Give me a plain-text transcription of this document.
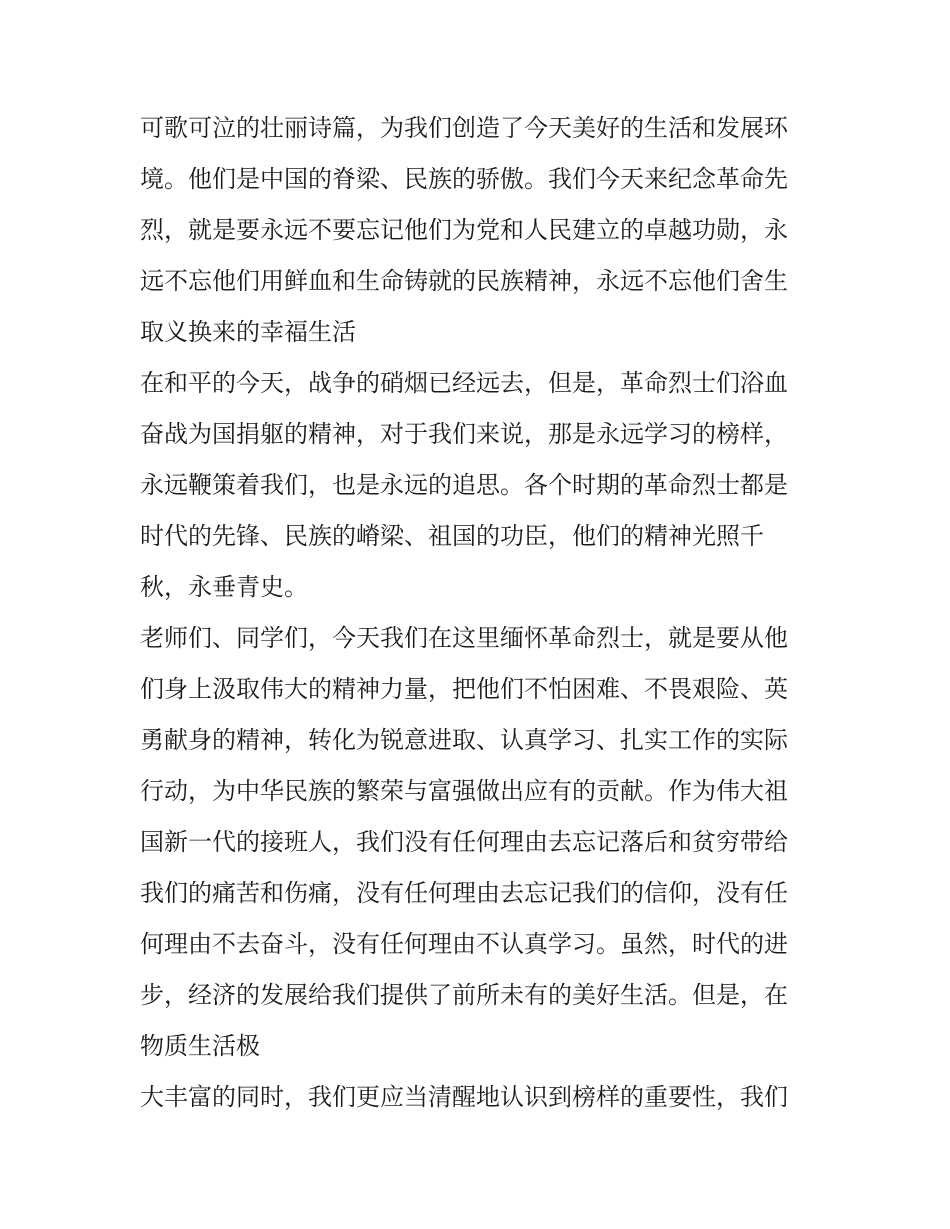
可歌可泣的壮丽诗篇，为我们创造了今天美好的生活和发展环
境。他们是中国的脊梁、民族的骄傲。我们今天来纪念革命先
烈，就是要永远不要忘记他们为党和人民建立的卓越功勋，永
远不忘他们用鲜血和生命铸就的民族精神，永远不忘他们舍生
取义换来的幸福生活
在和平的今天，战争的硝烟已经远去，但是，革命烈士们浴血
奋战为国捐躯的精神，对于我们来说，那是永远学习的榜样，
永远鞭策着我们，也是永远的追思。各个时期的革命烈士都是
时代的先锋、民族的嵴梁、祖国的功臣，他们的精神光照千
秋，永垂青史。
老师们、同学们，今天我们在这里缅怀革命烈士，就是要从他
们身上汲取伟大的精神力量，把他们不怕困难、不畏艰险、英
勇献身的精神，转化为锐意进取、认真学习、扎实工作的实际
行动，为中华民族的繁荣与富强做出应有的贡献。作为伟大祖
国新一代的接班人，我们没有任何理由去忘记落后和贫穷带给
我们的痛苦和伤痛，没有任何理由去忘记我们的信仰，没有任
何理由不去奋斗，没有任何理由不认真学习。虽然，时代的进
步，经济的发展给我们提供了前所未有的美好生活。但是，在
物质生活极
大丰富的同时，我们更应当清醒地认识到榜样的重要性，我们
